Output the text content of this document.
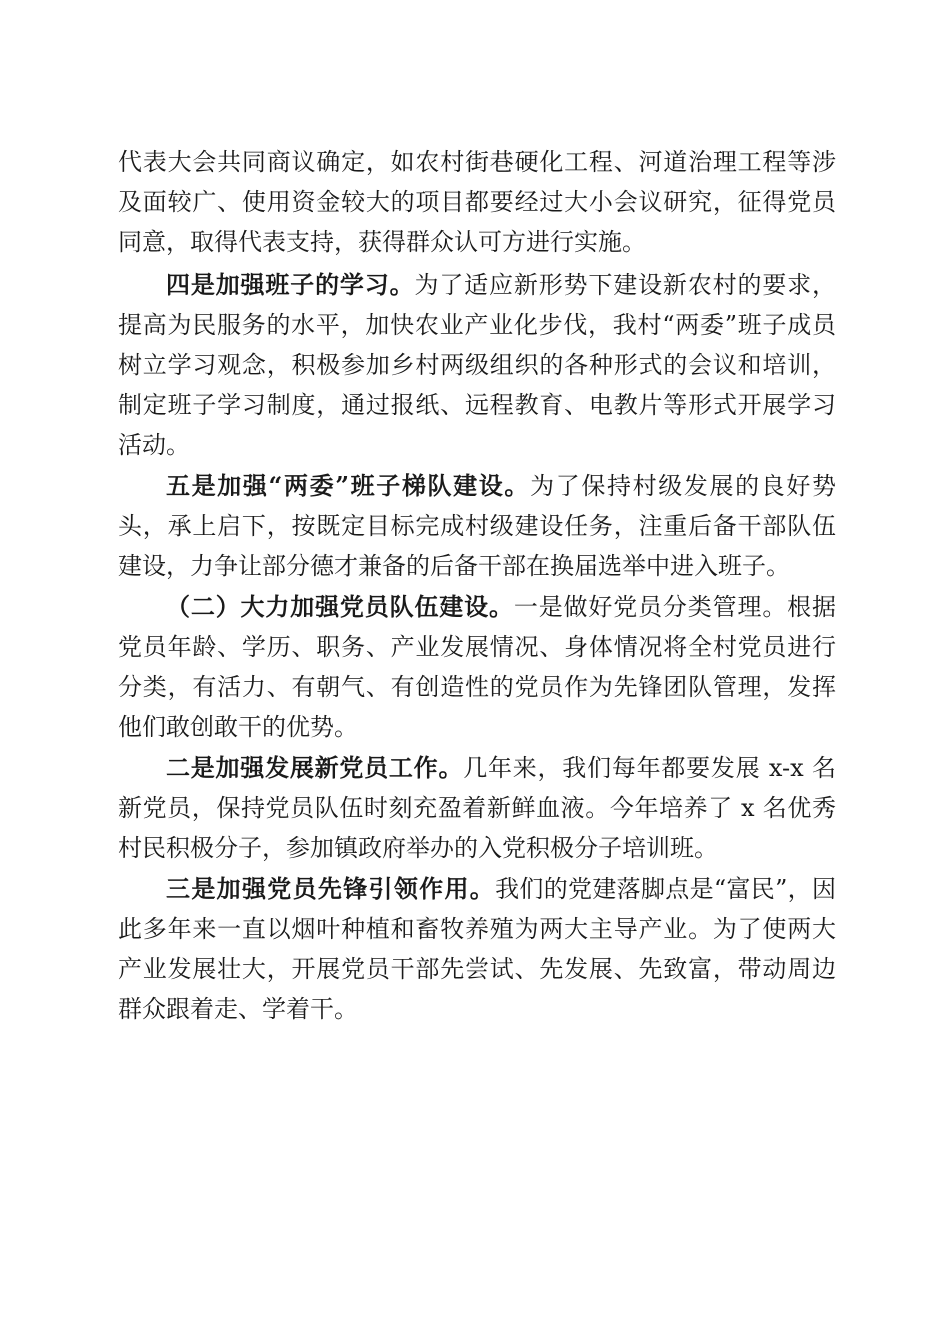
代表大会共同商议确定，如农村街巷硬化工程、河道治理工程等涉及面较广、使用资金较大的项目都要经过大小会议研究，征得党员同意，取得代表支持，获得群众认可方进行实施。

四是加强班子的学习。为了适应新形势下建设新农村的要求，提高为民服务的水平，加快农业产业化步伐，我村“两委”班子成员树立学习观念，积极参加乡村两级组织的各种形式的会议和培训，制定班子学习制度，通过报纸、远程教育、电教片等形式开展学习活动。

五是加强“两委”班子梯队建设。为了保持村级发展的良好势头，承上启下，按既定目标完成村级建设任务，注重后备干部队伍建设，力争让部分德才兼备的后备干部在换届选举中进入班子。

（二）大力加强党员队伍建设。一是做好党员分类管理。根据党员年龄、学历、职务、产业发展情况、身体情况将全村党员进行分类，有活力、有朝气、有创造性的党员作为先锋团队管理，发挥他们敢创敢干的优势。

二是加强发展新党员工作。几年来，我们每年都要发展 x-x 名新党员，保持党员队伍时刻充盈着新鲜血液。今年培养了 x 名优秀村民积极分子，参加镇政府举办的入党积极分子培训班。

三是加强党员先锋引领作用。我们的党建落脚点是“富民”，因此多年来一直以烟叶种植和畜牧养殖为两大主导产业。为了使两大产业发展壮大，开展党员干部先尝试、先发展、先致富，带动周边群众跟着走、学着干。
